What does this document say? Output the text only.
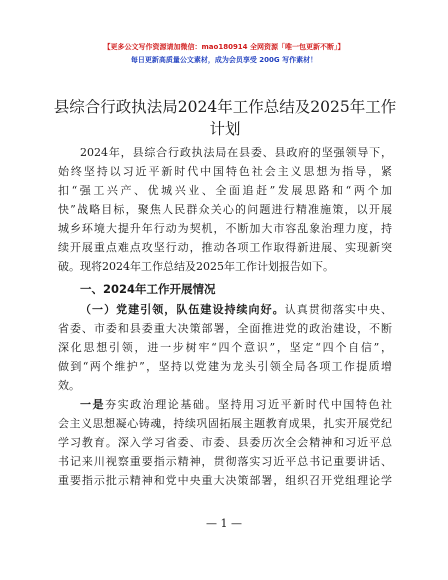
【更多公文写作资源请加微信：mao180914 全网资源「唯一包更新不断」】
每日更新高质量公文素材，成为会员享受 200G 写作素材！
县综合行政执法局2024年工作总结及2025年工作计划
2024年，县综合行政执法局在县委、县政府的坚强领导下，
始终坚持以习近平新时代中国特色社会主义思想为指导，紧
扣“强工兴产、优城兴业、全面追赶”发展思路和“两个加
快”战略目标，聚焦人民群众关心的问题进行精准施策，以开展
城乡环境大提升年行动为契机，不断加大市容乱象治理力度，持
续开展重点难点攻坚行动，推动各项工作取得新进展、实现新突
破。现将2024年工作总结及2025年工作计划报告如下。
一、2024年工作开展情况
（一）党建引领，队伍建设持续向好。认真贯彻落实中央、
省委、市委和县委重大决策部署，全面推进党的政治建设，不断
深化思想引领，进一步树牢“四个意识”，坚定“四个自信”，
做到“两个维护”，坚持以党建为龙头引领全局各项工作提质增
效。
一是夯实政治理论基础。坚持用习近平新时代中国特色社
会主义思想凝心铸魂，持续巩固拓展主题教育成果，扎实开展党纪
学习教育。深入学习省委、市委、县委历次全会精神和习近平总
书记来川视察重要指示精神，贯彻落实习近平总书记重要讲话、
重要指示批示精神和党中央重大决策部署，组织召开党组理论学
— 1 —
